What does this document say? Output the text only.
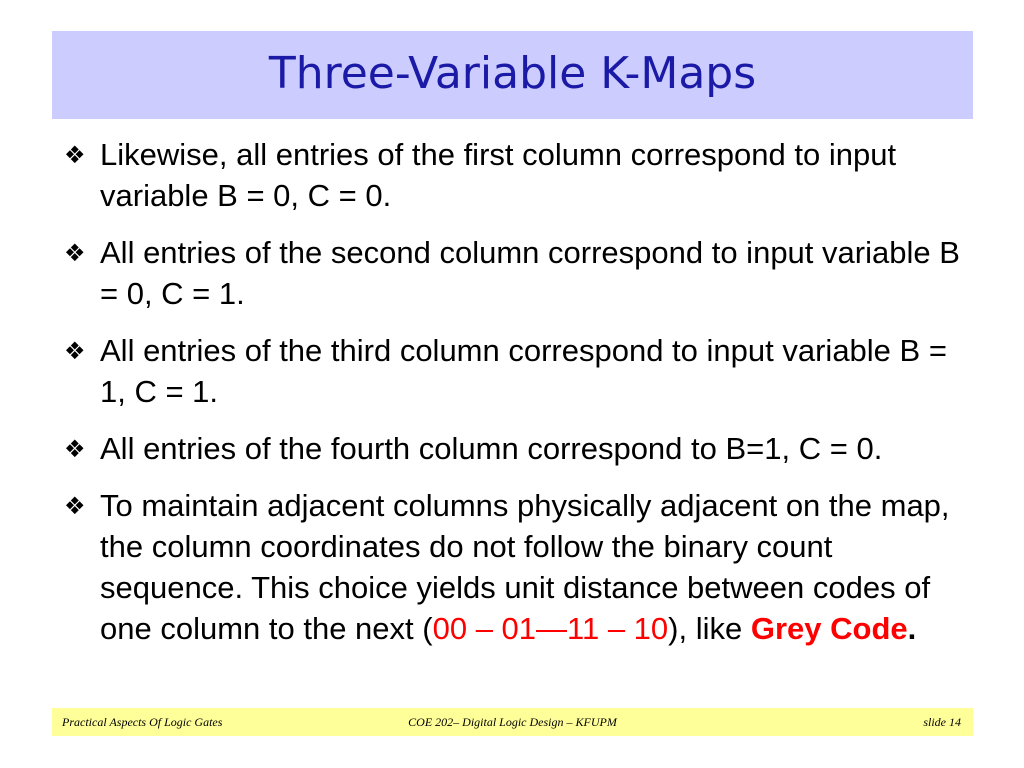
Three-Variable K-Maps
❖ Likewise, all entries of the first column correspond to input variable B = 0, C = 0.
❖ All entries of the second column correspond to input variable B = 0, C = 1.
❖ All entries of the third column correspond to input variable B = 1, C = 1.
❖ All entries of the fourth column correspond to B=1, C = 0.
❖ To maintain adjacent columns physically adjacent on the map, the column coordinates do not follow the binary count sequence. This choice yields unit distance between codes of one column to the next (00 – 01—11 – 10), like Grey Code.
Practical Aspects Of Logic Gates	COE 202– Digital Logic Design – KFUPM	slide 14
